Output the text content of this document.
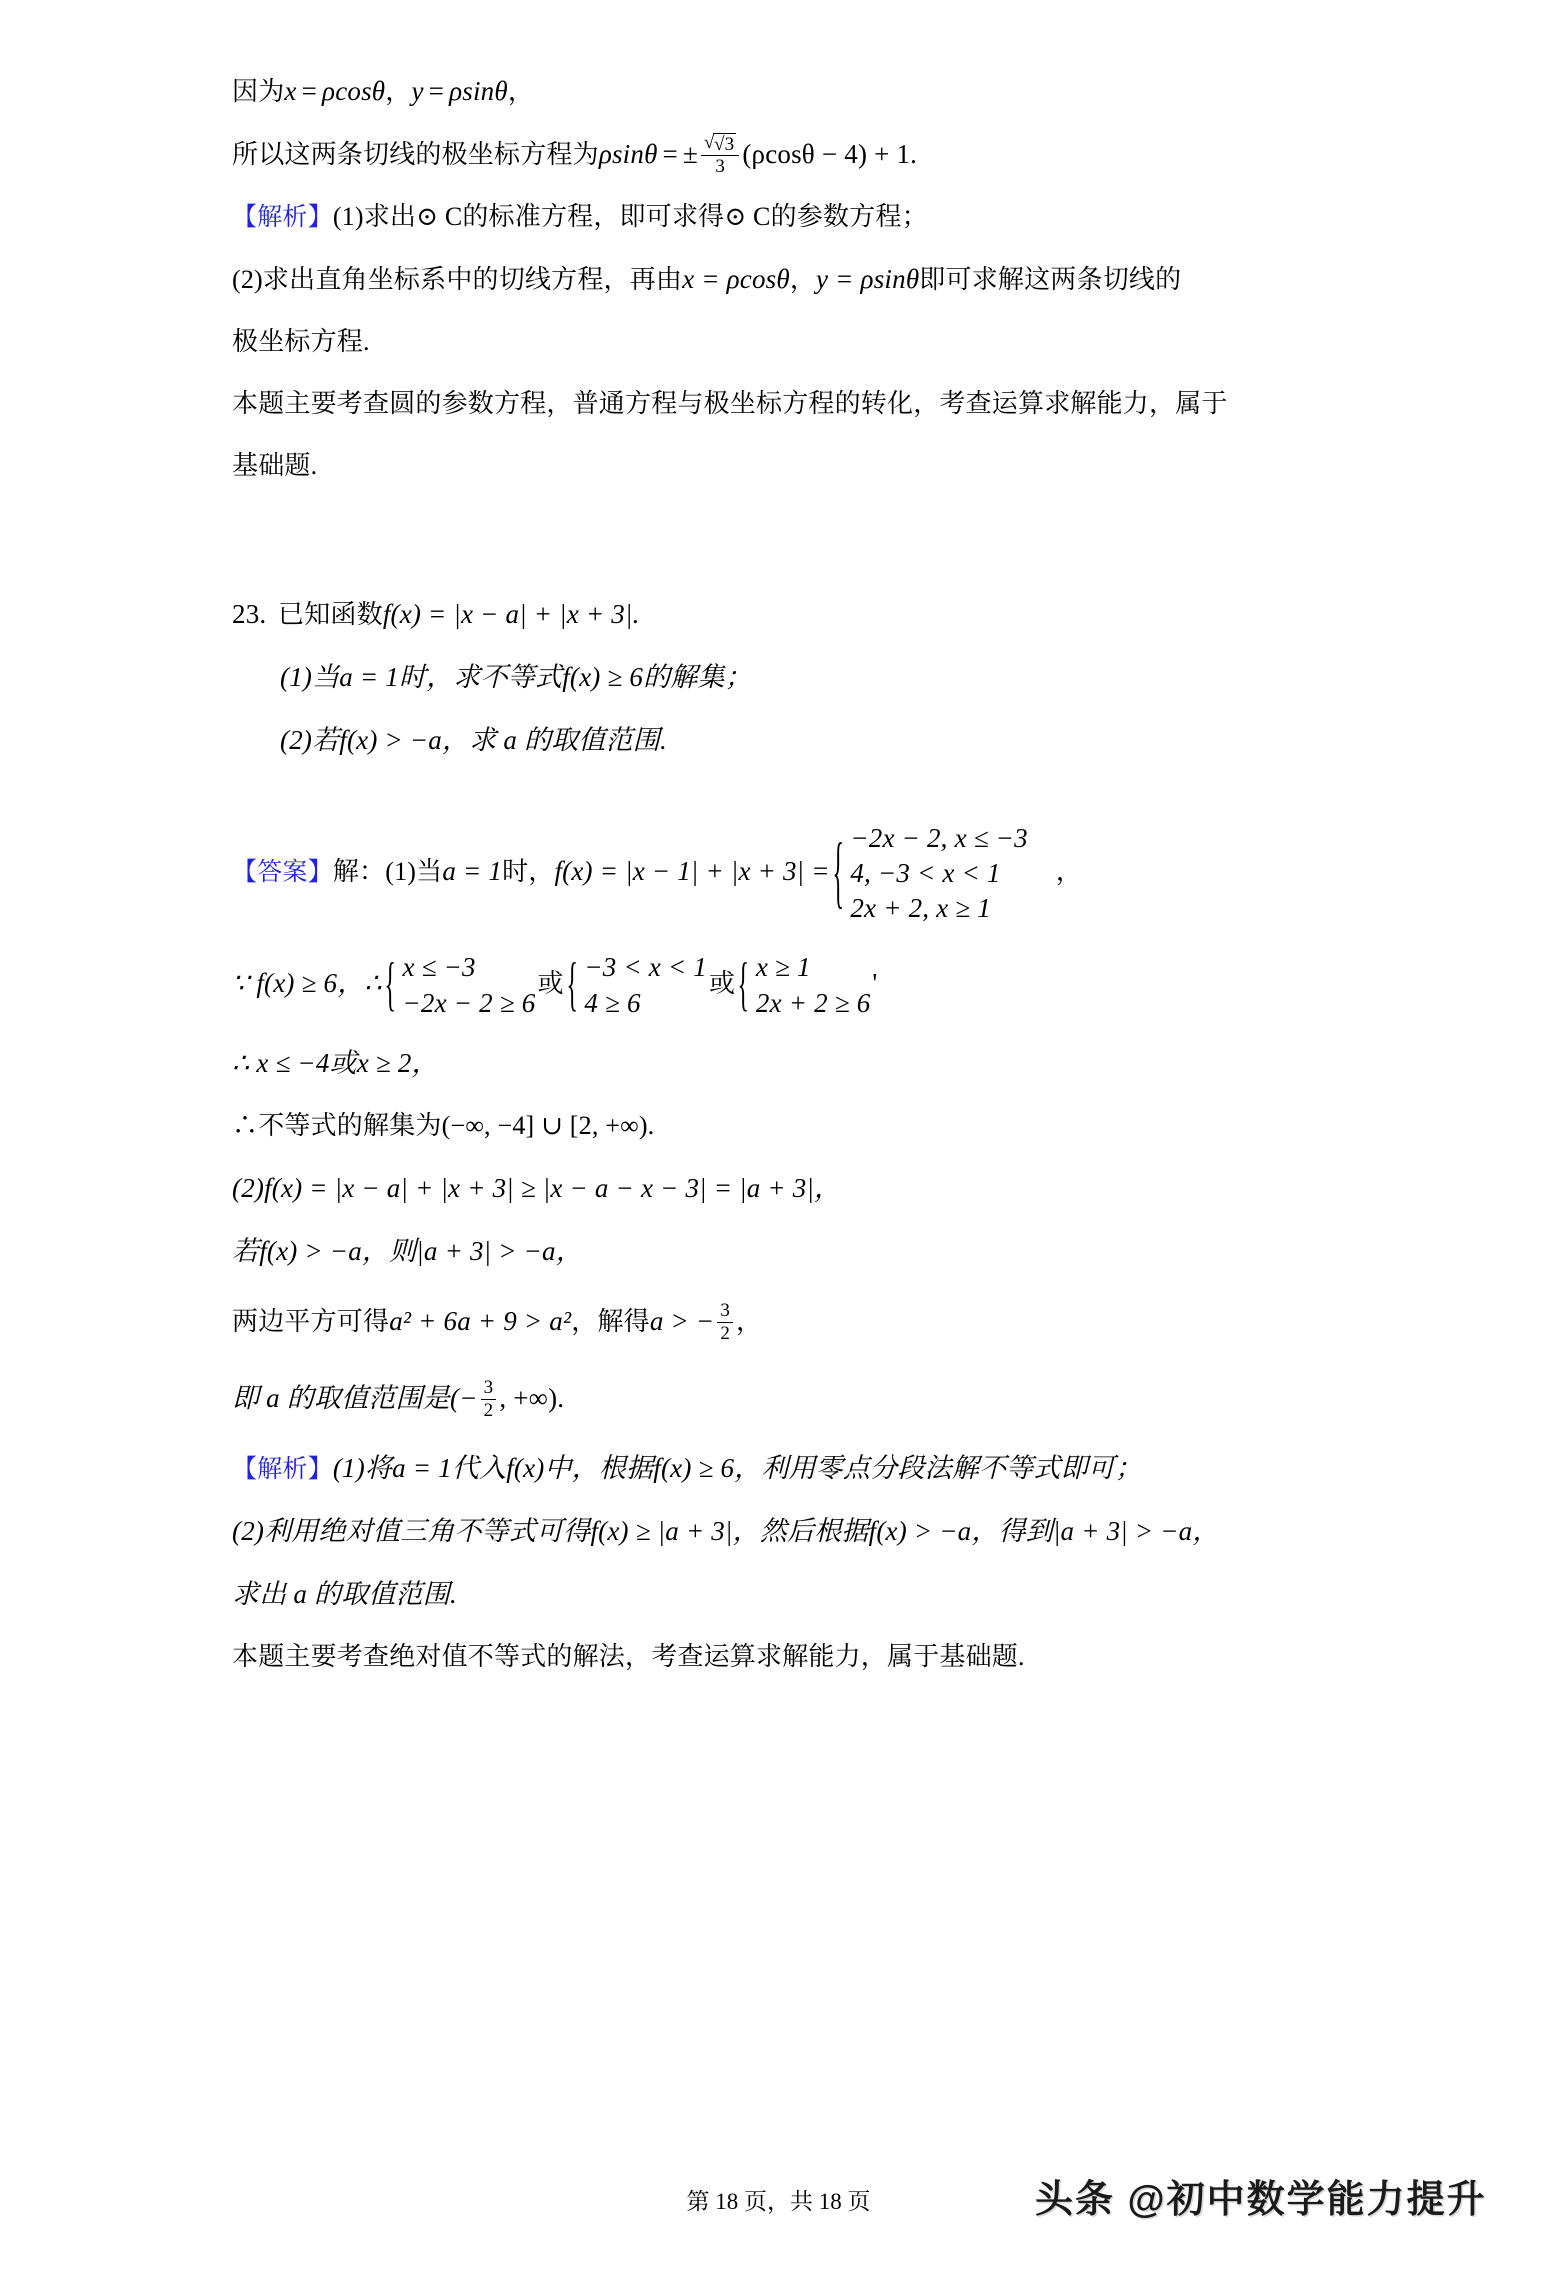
因为x = ρcosθ，y = ρsinθ，
所以这两条切线的极坐标方程为ρsinθ = ± √ $\frac{√3}{3} (\rho\cos\theta - 4) + 1$.
【解析】(1)求出⊙ C的标准方程，即可求得⊙ C的参数方程；
(2)求出直角坐标系中的切线方程，再由x = ρcosθ，y = ρsinθ即可求解这两条切线的
极坐标方程.
本题主要考查圆的参数方程，普通方程与极坐标方程的转化，考查运算求解能力，属于
基础题.
23. 已知函数f(x) = |x − a| + |x + 3|.
(1)当a = 1时，求不等式f(x) ≥ 6的解集；
(2)若f(x) > −a，求 a 的取值范围.
【答案】解：(1)当a = 1时，f(x) = |x − 1| + |x + 3| = { −2x − 2, x ≤ −3
4, −3 < x < 1
2x + 2, x ≥ 1
，
∵ f(x) ≥ 6，∴ { x ≤ −3
−2x − 2 ≥ 6
或 { −3 < x < 1
4 ≥ 6
或 { x ≥ 1
2x + 2 ≥ 6
'
∴ x ≤ −4或x ≥ 2，
∴不等式的解集为(−∞, −4] ∪ [2, +∞).
(2)f(x) = |x − a| + |x + 3| ≥ |x − a − x − 3| = |a + 3|，
若f(x) > −a，则|a + 3| > −a，
两边平方可得a² + 6a + 9 > a²，解得a > − $\frac{3}{2}$ ，
即 a 的取值范围是(− $\frac{3}{2}$ , +∞).
【解析】(1)将a = 1代入f(x)中，根据f(x) ≥ 6，利用零点分段法解不等式即可；
(2)利用绝对值三角不等式可得f(x) ≥ |a + 3|，然后根据f(x) > −a，得到|a + 3| > −a，
求出 a 的取值范围.
本题主要考查绝对值不等式的解法，考查运算求解能力，属于基础题.
第 18 页，共 18 页	头条 @初中数学能力提升
